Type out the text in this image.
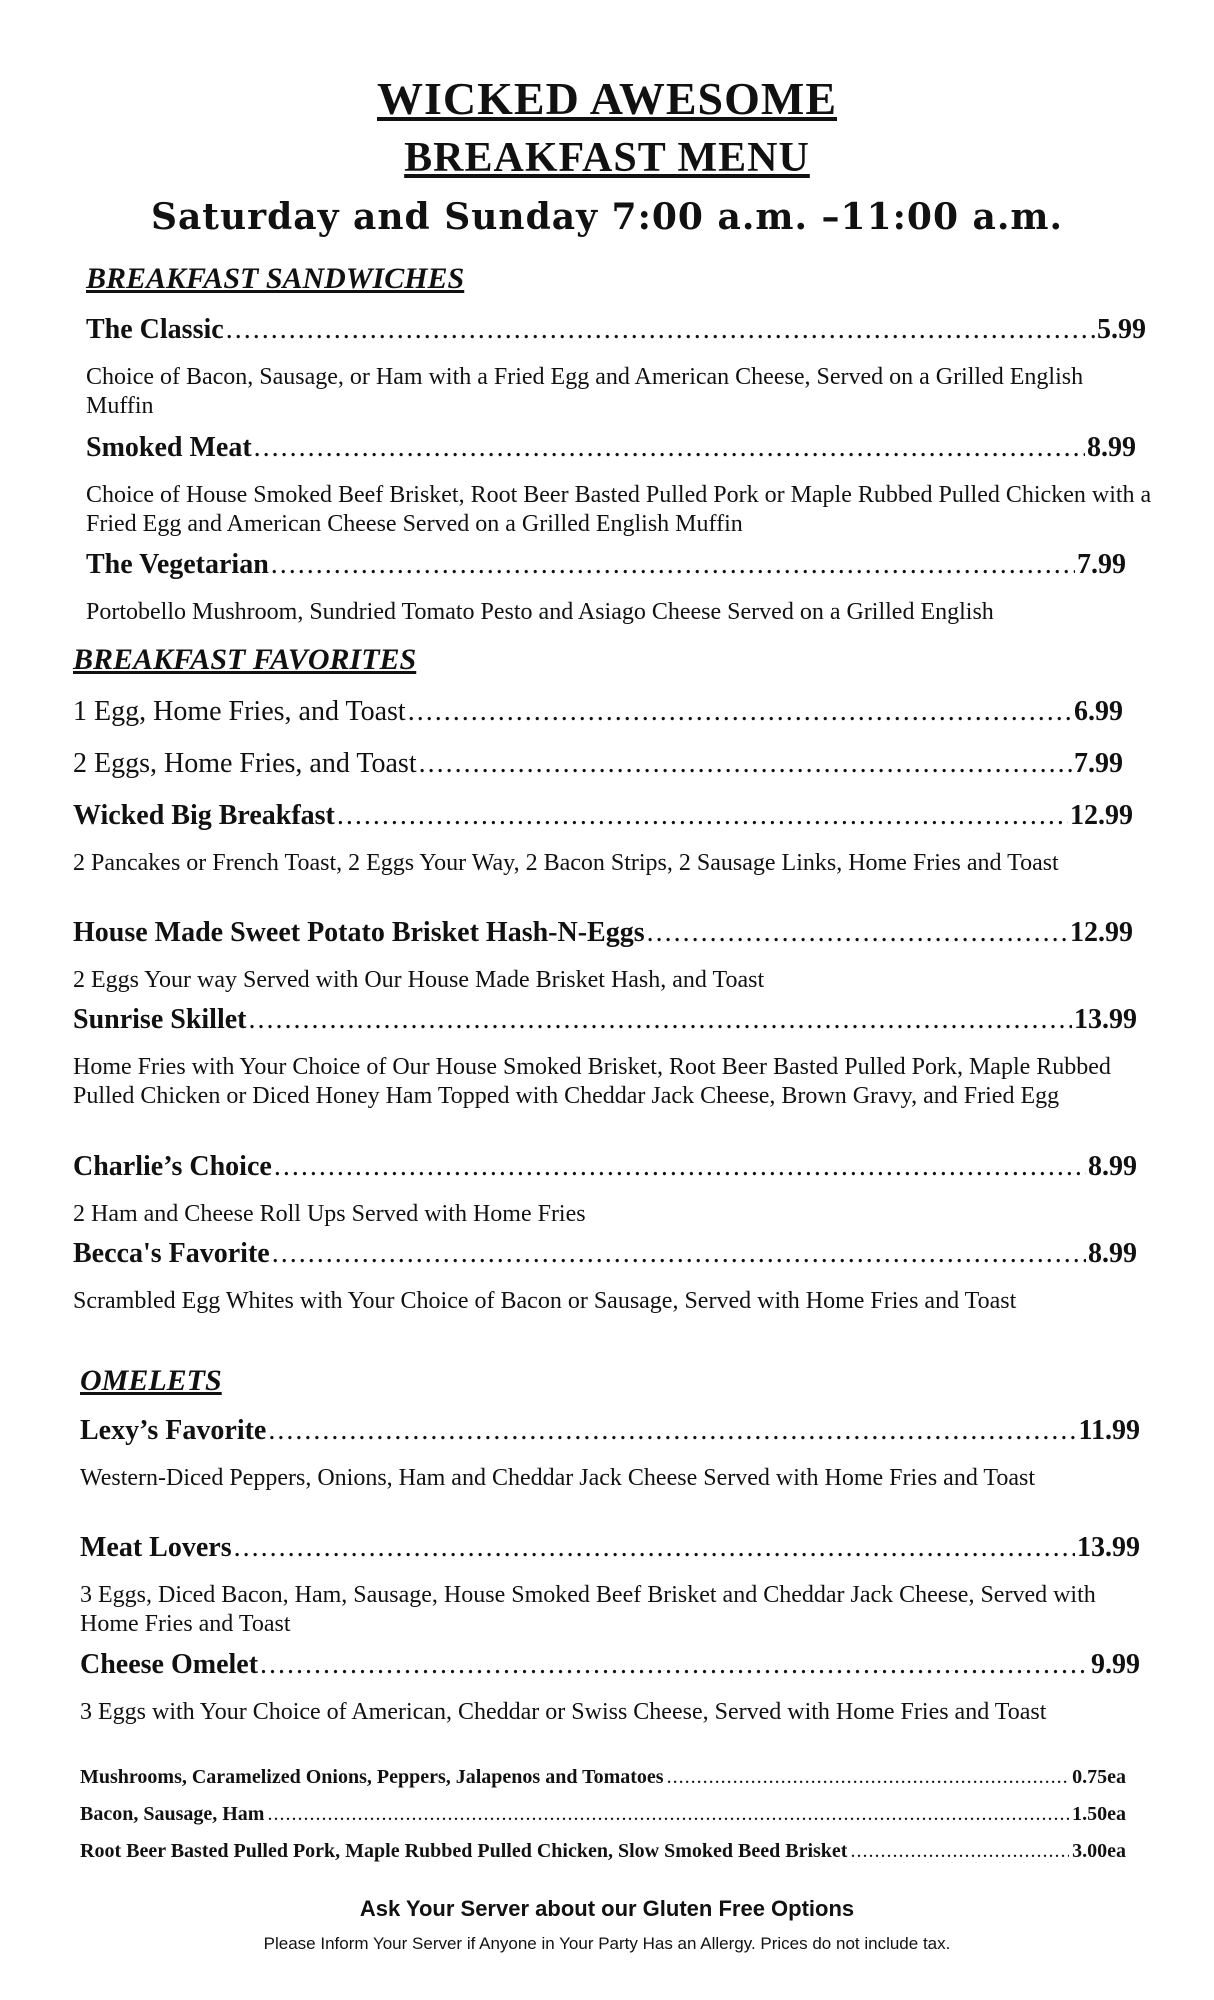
WICKED AWESOME
BREAKFAST MENU
Saturday and Sunday 7:00 a.m. –11:00 a.m.
BREAKFAST SANDWICHES
The Classic .....	5.99

Choice of Bacon, Sausage, or Ham with a Fried Egg and American Cheese, Served on a Grilled English Muffin

Smoked Meat .....	8.99

Choice of House Smoked Beef Brisket, Root Beer Basted Pulled Pork or Maple Rubbed Pulled Chicken with a Fried Egg and American Cheese Served on a Grilled English Muffin

The Vegetarian .....	7.99

Portobello Mushroom, Sundried Tomato Pesto and Asiago Cheese Served on a Grilled English

BREAKFAST FAVORITES
1 Egg, Home Fries, and Toast .....	6.99
2 Eggs, Home Fries, and Toast .....	7.99
Wicked Big Breakfast .....	12.99

2 Pancakes or French Toast, 2 Eggs Your Way, 2 Bacon Strips, 2 Sausage Links, Home Fries and Toast

House Made Sweet Potato Brisket Hash-N-Eggs .....	12.99

2 Eggs Your way Served with Our House Made Brisket Hash, and Toast

Sunrise Skillet .....	13.99

Home Fries with Your Choice of Our House Smoked Brisket, Root Beer Basted Pulled Pork, Maple Rubbed Pulled Chicken or Diced Honey Ham Topped with Cheddar Jack Cheese, Brown Gravy, and Fried Egg

Charlie’s Choice .....	8.99

2 Ham and Cheese Roll Ups Served with Home Fries

Becca's Favorite .....	8.99

Scrambled Egg Whites with Your Choice of Bacon or Sausage, Served with Home Fries and Toast

OMELETS
Lexy’s Favorite .....	11.99

Western-Diced Peppers, Onions, Ham and Cheddar Jack Cheese Served with Home Fries and Toast

Meat Lovers .....	13.99

3 Eggs, Diced Bacon, Ham, Sausage, House Smoked Beef Brisket and Cheddar Jack Cheese, Served with Home Fries and Toast

Cheese Omelet .....	9.99

3 Eggs with Your Choice of American, Cheddar or Swiss Cheese, Served with Home Fries and Toast

Mushrooms, Caramelized Onions, Peppers, Jalapenos and Tomatoes .....	0.75ea
Bacon, Sausage, Ham .....	1.50ea
Root Beer Basted Pulled Pork, Maple Rubbed Pulled Chicken, Slow Smoked Beed Brisket .....	3.00ea
Ask Your Server about our Gluten Free Options
Please Inform Your Server if Anyone in Your Party Has an Allergy. Prices do not include tax.
